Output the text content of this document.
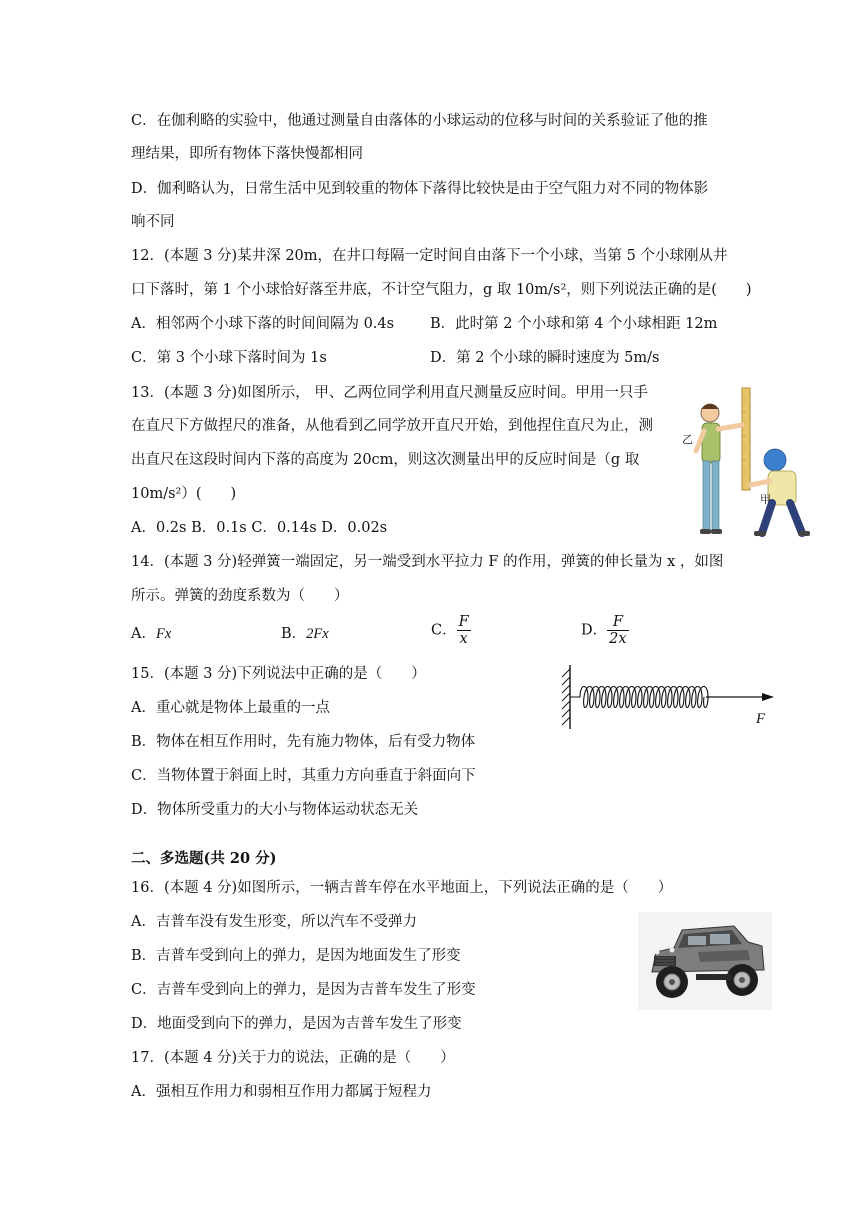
C．在伽利略的实验中，他通过测量自由落体的小球运动的位移与时间的关系验证了他的推
理结果，即所有物体下落快慢都相同
D．伽利略认为，日常生活中见到较重的物体下落得比较快是由于空气阻力对不同的物体影
响不同
12．(本题 3 分)某井深 20m，在井口每隔一定时间自由落下一个小球，当第 5 个小球刚从井
口下落时，第 1 个小球恰好落至井底，不计空气阻力，g 取 10m/s²，则下列说法正确的是(　　)
A．相邻两个小球下落的时间间隔为 0.4s B．此时第 2 个小球和第 4 个小球相距 12m
C．第 3 个小球下落时间为 1s	D．第 2 个小球的瞬时速度为 5m/s
13．(本题 3 分)如图所示， 甲、乙两位同学利用直尺测量反应时间。甲用一只手
在直尺下方做捏尺的准备，从他看到乙同学放开直尺开始，到他捏住直尺为止，测
出直尺在这段时间内下落的高度为 20cm，则这次测量出甲的反应时间是（g 取
10m/s²）(　　)
A．0.2s B．0.1s C．0.14s D．0.02s
乙
甲
14．(本题 3 分)轻弹簧一端固定，另一端受到水平拉力 F 的作用，弹簧的伸长量为 x ，如图
所示。弹簧的劲度系数为（　　）
A．Fx	B．2Fx	C． $\frac{F}{x}$	D． $\frac{F}{2x}$
F
15．(本题 3 分)下列说法中正确的是（　　）
A．重心就是物体上最重的一点
B．物体在相互作用时，先有施力物体，后有受力物体
C．当物体置于斜面上时，其重力方向垂直于斜面向下
D．物体所受重力的大小与物体运动状态无关
二、多选题(共 20 分)
16．(本题 4 分)如图所示，一辆吉普车停在水平地面上，下列说法正确的是（　　）
A．吉普车没有发生形变，所以汽车不受弹力
B．吉普车受到向上的弹力，是因为地面发生了形变
C．吉普车受到向上的弹力，是因为吉普车发生了形变
D．地面受到向下的弹力，是因为吉普车发生了形变
17．(本题 4 分)关于力的说法，正确的是（　　）
A．强相互作用力和弱相互作用力都属于短程力
